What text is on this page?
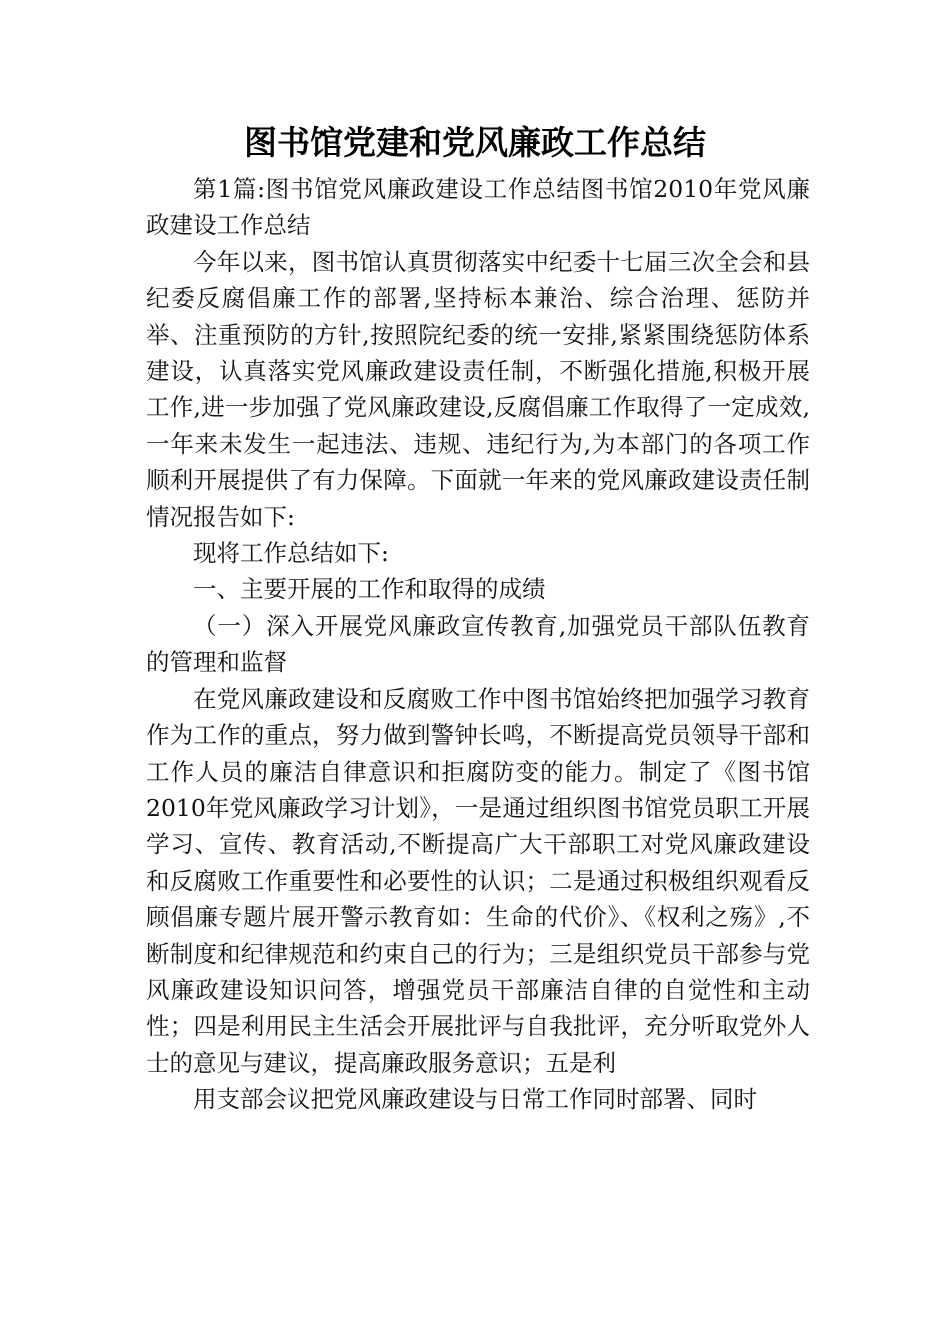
图书馆党建和党风廉政工作总结

第1篇:图书馆党风廉政建设工作总结图书馆2010年党风廉政建设工作总结

今年以来，图书馆认真贯彻落实中纪委十七届三次全会和县纪委反腐倡廉工作的部署,坚持标本兼治、综合治理、惩防并举、注重预防的方针,按照院纪委的统一安排,紧紧围绕惩防体系建设，认真落实党风廉政建设责任制，不断强化措施,积极开展工作,进一步加强了党风廉政建设,反腐倡廉工作取得了一定成效,一年来未发生一起违法、违规、违纪行为,为本部门的各项工作顺利开展提供了有力保障。下面就一年来的党风廉政建设责任制情况报告如下:

现将工作总结如下:

一、主要开展的工作和取得的成绩

（一）深入开展党风廉政宣传教育,加强党员干部队伍教育的管理和监督

在党风廉政建设和反腐败工作中图书馆始终把加强学习教育作为工作的重点，努力做到警钟长鸣，不断提高党员领导干部和工作人员的廉洁自律意识和拒腐防变的能力。制定了《图书馆2010年党风廉政学习计划》，一是通过组织图书馆党员职工开展学习、宣传、教育活动,不断提高广大干部职工对党风廉政建设和反腐败工作重要性和必要性的认识；二是通过积极组织观看反顾倡廉专题片展开警示教育如：生命的代价》、《权利之殇》,不断制度和纪律规范和约束自己的行为；三是组织党员干部参与党风廉政建设知识问答，增强党员干部廉洁自律的自觉性和主动性；四是利用民主生活会开展批评与自我批评，充分听取党外人士的意见与建议，提高廉政服务意识；五是利

用支部会议把党风廉政建设与日常工作同时部署、同时
